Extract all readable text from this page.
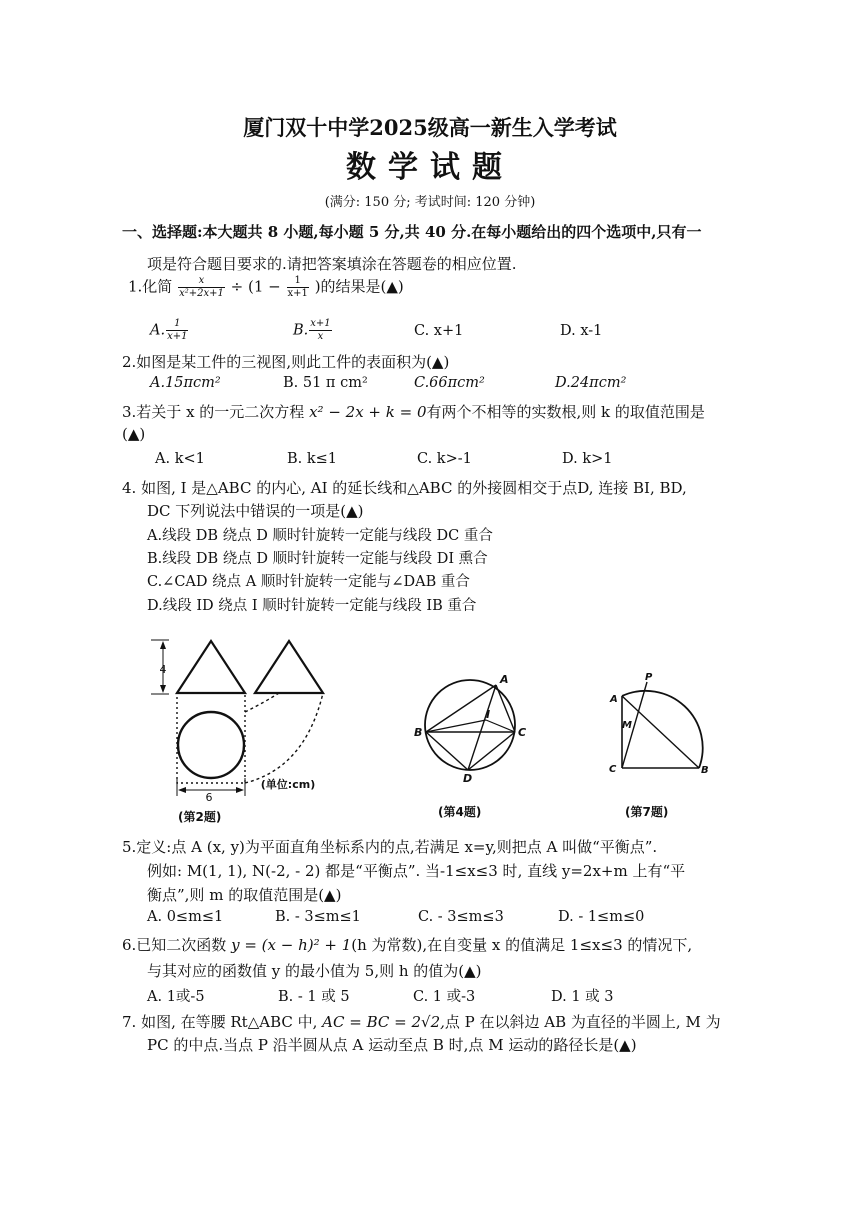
厦门双十中学2025级高一新生入学考试
数学试题
(满分: 150 分; 考试时间: 120 分钟)
一、选择题:本大题共 8 小题,每小题 5 分,共 40 分.在每小题给出的四个选项中,只有一
项是符合题目要求的.请把答案填涂在答题卷的相应位置.
1.化简 $\frac{x}{\text{x²+2x+1}} \div (1 - \frac{1}{x+1}$ )的结果是(▲)
A. $\frac{1}{x+1}$	B. $\frac{x+1}{x}$	C. x+1	D. x-1
2.如图是某工件的三视图,则此工件的表面积为(▲)
A.15πcm²	B. 51 π cm²	C.66πcm²	D.24πcm²
3.若关于 x 的一元二次方程 x² − 2x + k = 0有两个不相等的实数根,则 k 的取值范围是
(▲)
A. k<1	B. k≤1	C. k>-1	D. k>1
4. 如图, I 是△ABC 的内心, AI 的延长线和△ABC 的外接圆相交于点D, 连接 BI, BD,
DC 下列说法中错误的一项是(▲)
A.线段 DB 绕点 D 顺时针旋转一定能与线段 DC 重合
B.线段 DB 绕点 D 顺时针旋转一定能与线段 DI 熏合
C.∠CAD 绕点 A 顺时针旋转一定能与∠DAB 重合
D.线段 ID 绕点 I 顺时针旋转一定能与线段 IB 重合
4
6
(单位:cm)
(第2题)
A
I
B	C
D
(第4题)
P
A
M
C	B
(第7题)
5.定义:点 A (x, y)为平面直角坐标系内的点,若满足 x=y,则把点 A 叫做“平衡点”.
例如: M(1, 1), N(-2, - 2) 都是“平衡点”. 当-1≤x≤3 时, 直线 y=2x+m 上有“平
衡点”,则 m 的取值范围是(▲)
A. 0≤m≤1	B. - 3≤m≤1	C. - 3≤m≤3	D. - 1≤m≤0
6.已知二次函数 y = (x − h)² + 1(h 为常数),在自变量 x 的值满足 1≤x≤3 的情况下,
与其对应的函数值 y 的最小值为 5,则 h 的值为(▲)
A. 1或-5	B. - 1 或 5	C. 1 或-3	D. 1 或 3
7. 如图, 在等腰 Rt△ABC 中, AC = BC = 2√2,点 P 在以斜边 AB 为直径的半圆上, M 为
PC 的中点.当点 P 沿半圆从点 A 运动至点 B 时,点 M 运动的路径长是(▲)
